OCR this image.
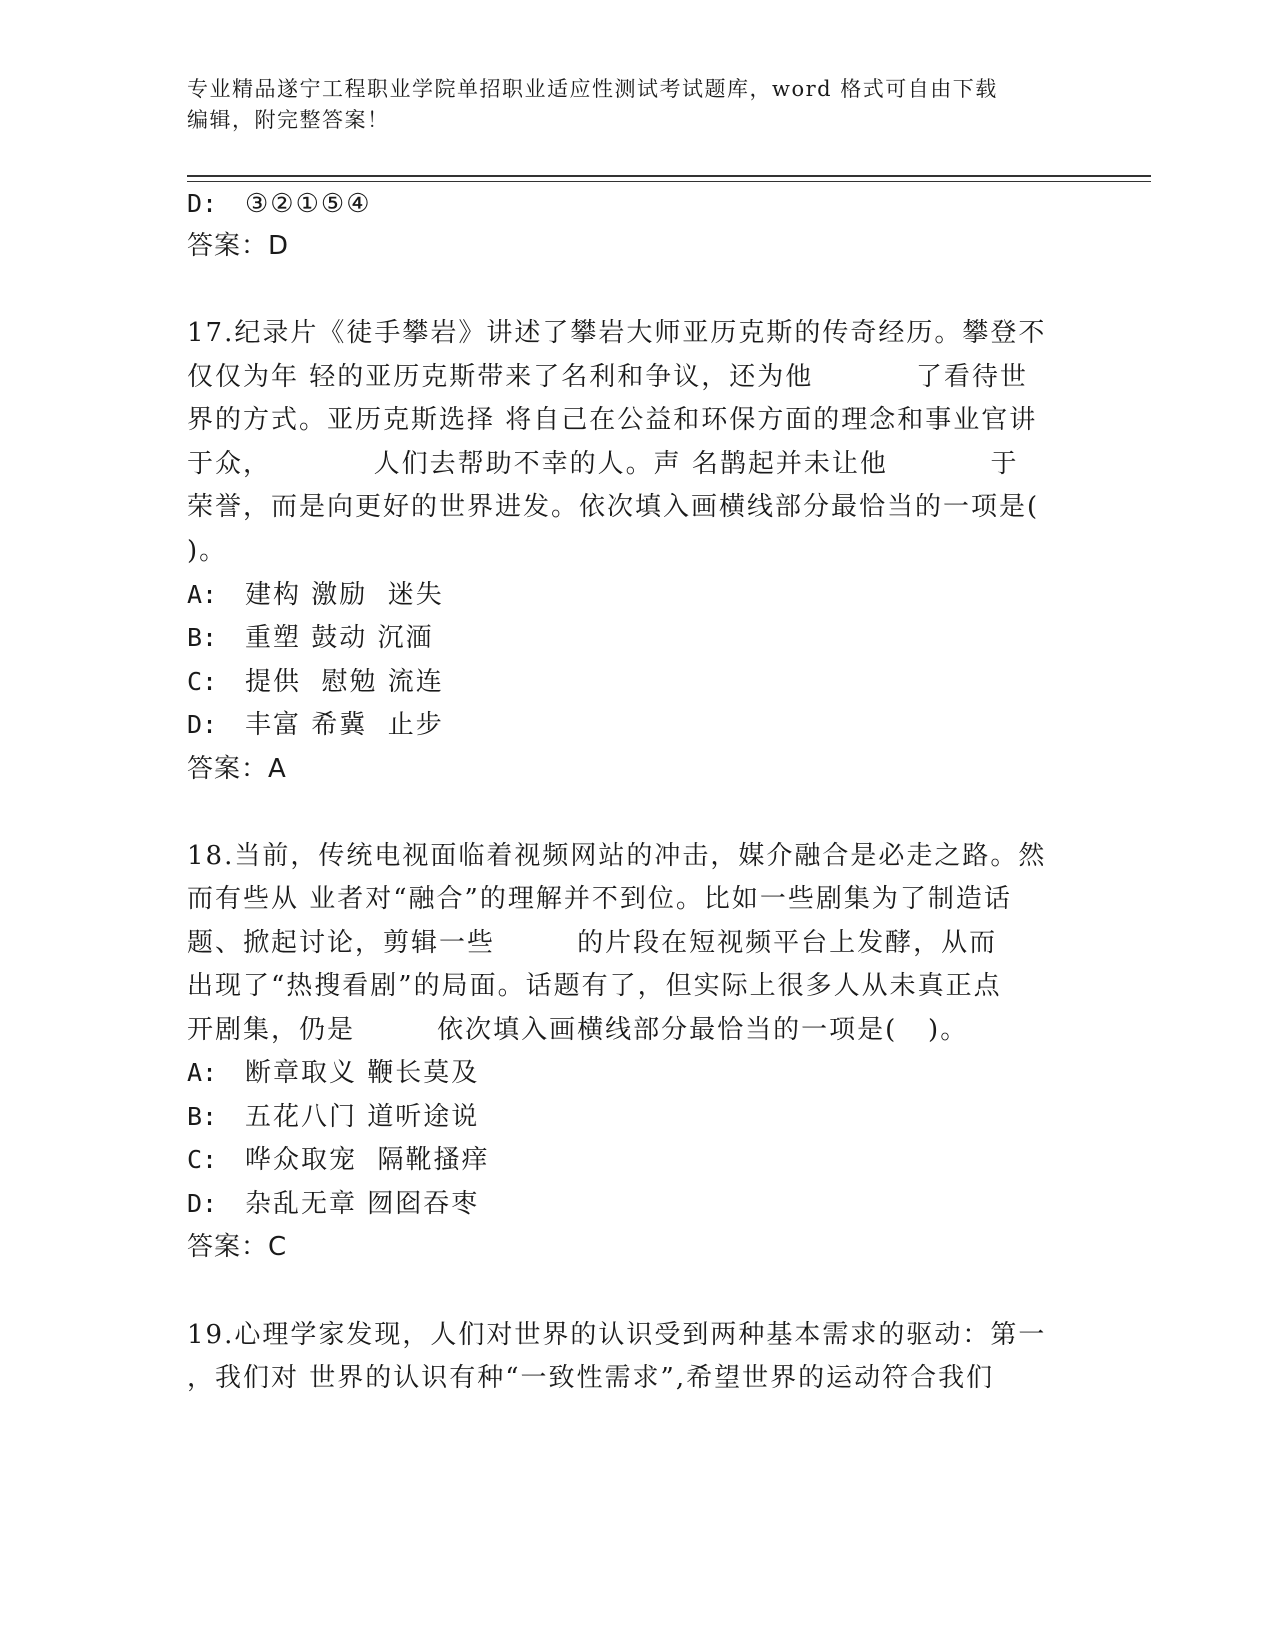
专业精品遂宁工程职业学院单招职业适应性测试考试题库，word 格式可自由下载
编辑，附完整答案！
D: ③②①⑤④
答案：D
17.纪录片《徒手攀岩》讲述了攀岩大师亚历克斯的传奇经历。攀登不
仅仅为年 轻的亚历克斯带来了名利和争议，还为他          了看待世
界的方式。亚历克斯选择 将自己在公益和环保方面的理念和事业官讲
于众，          人们去帮助不幸的人。声 名鹊起并未让他          于
荣誉，而是向更好的世界进发。依次填入画横线部分最恰当的一项是(
)。
A: 建构 激励  迷失
B: 重塑 鼓动 沉湎
C: 提供  慰勉 流连
D: 丰富 希冀  止步
答案：A
18.当前，传统电视面临着视频网站的冲击，媒介融合是必走之路。然
而有些从 业者对“融合”的理解并不到位。比如一些剧集为了制造话
题、掀起讨论，剪辑一些        的片段在短视频平台上发酵，从而
出现了“热搜看剧”的局面。话题有了，但实际上很多人从未真正点
开剧集，仍是        依次填入画横线部分最恰当的一项是(   )。
A: 断章取义 鞭长莫及
B: 五花八门 道听途说
C: 哗众取宠  隔靴搔痒
D: 杂乱无章 囫囵吞枣
答案：C
19.心理学家发现，人们对世界的认识受到两种基本需求的驱动：第一
，我们对 世界的认识有种“一致性需求”,希望世界的运动符合我们
